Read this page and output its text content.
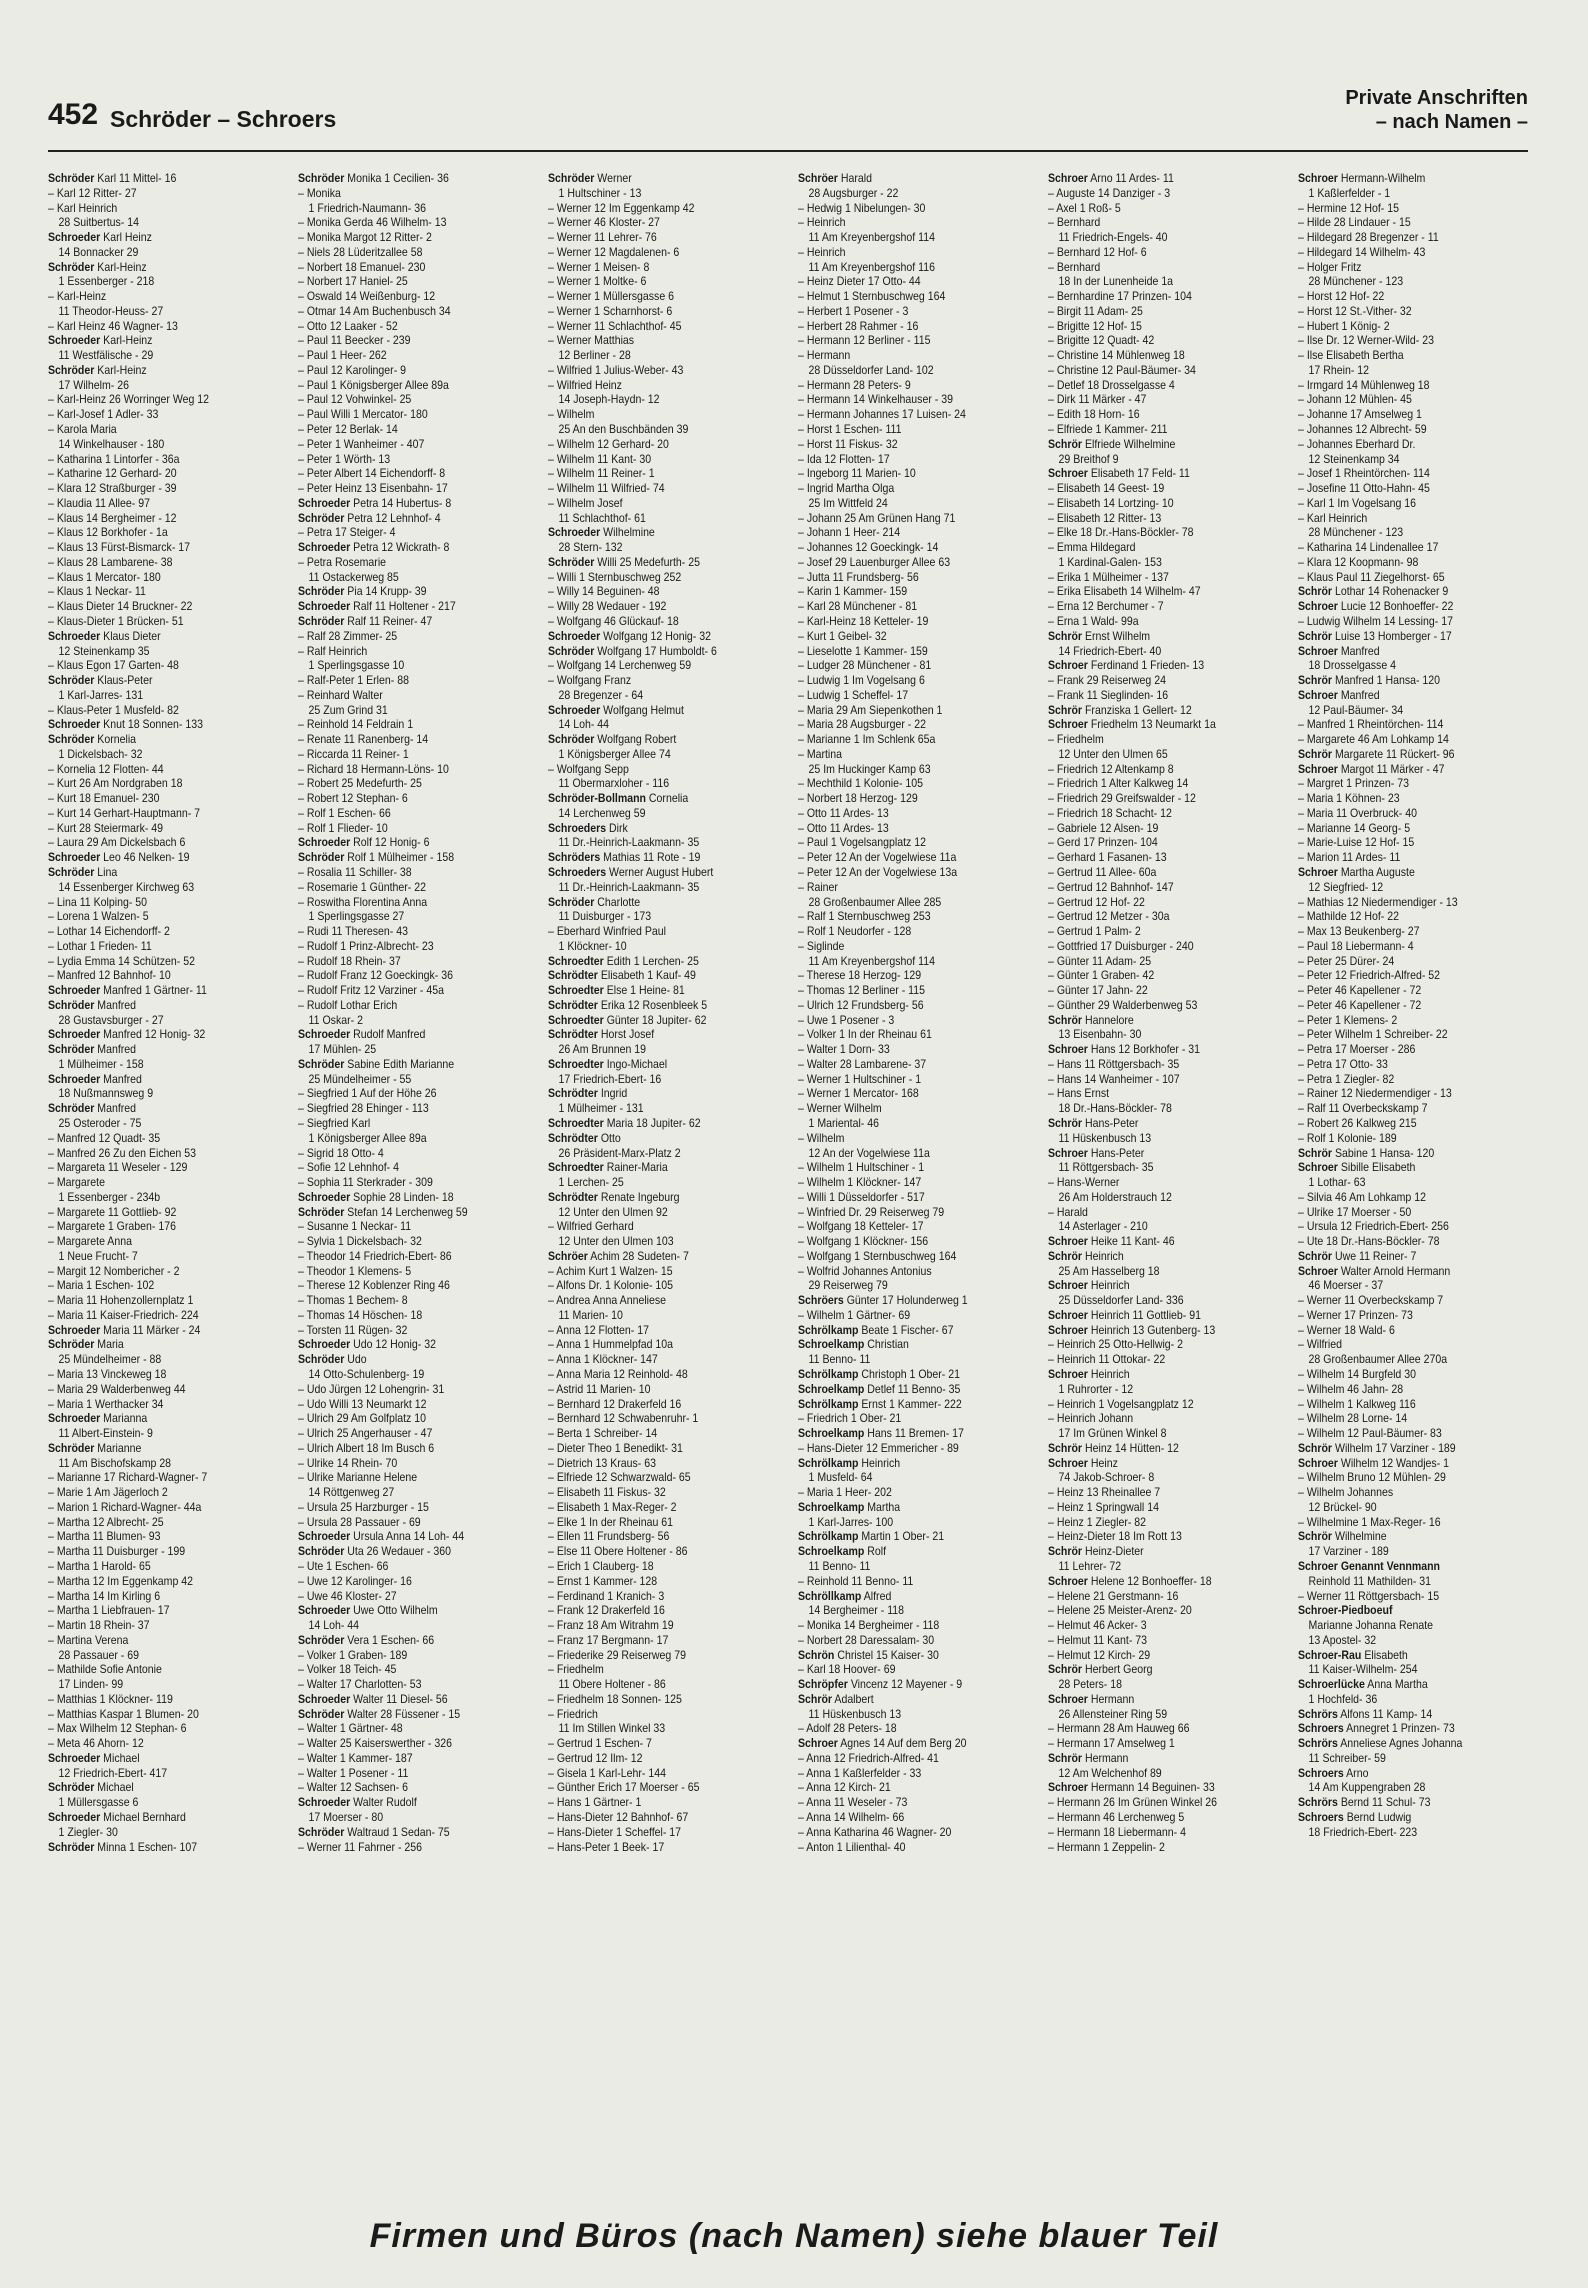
452 Schröder – Schroers
Private Anschriften
– nach Namen –
Schröder Karl 11 Mittel- 16
– Karl 12 Ritter- 27
– Karl Heinrich
28 Suitbertus- 14
Schroeder Karl Heinz
14 Bonnacker 29
Schröder Karl-Heinz
1 Essenberger - 218
– Karl-Heinz
11 Theodor-Heuss- 27
– Karl Heinz 46 Wagner- 13
Schroeder Karl-Heinz
11 Westfälische - 29
Schröder Karl-Heinz
17 Wilhelm- 26
– Karl-Heinz 26 Worringer Weg 12
– Karl-Josef 1 Adler- 33
– Karola Maria
14 Winkelhauser - 180
– Katharina 1 Lintorfer - 36a
– Katharine 12 Gerhard- 20
– Klara 12 Straßburger - 39
– Klaudia 11 Allee- 97
– Klaus 14 Bergheimer - 12
– Klaus 12 Borkhofer - 1a
– Klaus 13 Fürst-Bismarck- 17
– Klaus 28 Lambarene- 38
– Klaus 1 Mercator- 180
– Klaus 1 Neckar- 11
– Klaus Dieter 14 Bruckner- 22
– Klaus-Dieter 1 Brücken- 51
Schroeder Klaus Dieter
12 Steinenkamp 35
– Klaus Egon 17 Garten- 48
Schröder Klaus-Peter
1 Karl-Jarres- 131
– Klaus-Peter 1 Musfeld- 82
Schroeder Knut 18 Sonnen- 133
Schröder Kornelia
1 Dickelsbach- 32
– Kornelia 12 Flotten- 44
– Kurt 26 Am Nordgraben 18
– Kurt 18 Emanuel- 230
– Kurt 14 Gerhart-Hauptmann- 7
– Kurt 28 Steiermark- 49
– Laura 29 Am Dickelsbach 6
Schroeder Leo 46 Nelken- 19
Schröder Lina
14 Essenberger Kirchweg 63
– Lina 11 Kolping- 50
– Lorena 1 Walzen- 5
– Lothar 14 Eichendorff- 2
– Lothar 1 Frieden- 11
– Lydia Emma 14 Schützen- 52
– Manfred 12 Bahnhof- 10
Schroeder Manfred 1 Gärtner- 11
Schröder Manfred
28 Gustavsburger - 27
Schroeder Manfred 12 Honig- 32
Schröder Manfred
1 Mülheimer - 158
Schroeder Manfred
18 Nußmannsweg 9
Schröder Manfred
25 Osteroder - 75
– Manfred 12 Quadt- 35
– Manfred 26 Zu den Eichen 53
– Margareta 11 Weseler - 129
– Margarete
1 Essenberger - 234b
– Margarete 11 Gottlieb- 92
– Margarete 1 Graben- 176
– Margarete Anna
1 Neue Frucht- 7
– Margit 12 Nombericher - 2
– Maria 1 Eschen- 102
– Maria 11 Hohenzollernplatz 1
– Maria 11 Kaiser-Friedrich- 224
Schroeder Maria 11 Märker - 24
Schröder Maria
25 Mündelheimer - 88
– Maria 13 Vinckeweg 18
– Maria 29 Walderbenweg 44
– Maria 1 Werthacker 34
Schroeder Marianna
11 Albert-Einstein- 9
Schröder Marianne
11 Am Bischofskamp 28
– Marianne 17 Richard-Wagner- 7
– Marie 1 Am Jägerloch 2
– Marion 1 Richard-Wagner- 44a
– Martha 12 Albrecht- 25
– Martha 11 Blumen- 93
– Martha 11 Duisburger - 199
– Martha 1 Harold- 65
– Martha 12 Im Eggenkamp 42
– Martha 14 Im Kirling 6
– Martha 1 Liebfrauen- 17
– Martin 18 Rhein- 37
– Martina Verena
28 Passauer - 69
– Mathilde Sofie Antonie
17 Linden- 99
– Matthias 1 Klöckner- 119
– Matthias Kaspar 1 Blumen- 20
– Max Wilhelm 12 Stephan- 6
– Meta 46 Ahorn- 12
Schroeder Michael
12 Friedrich-Ebert- 417
Schröder Michael
1 Müllersgasse 6
Schroeder Michael Bernhard
1 Ziegler- 30
Schröder Minna 1 Eschen- 107
Schröder Monika 1 Cecilien- 36
– Monika
1 Friedrich-Naumann- 36
– Monika Gerda 46 Wilhelm- 13
– Monika Margot 12 Ritter- 2
– Niels 28 Lüderitzallee 58
– Norbert 18 Emanuel- 230
– Norbert 17 Haniel- 25
– Oswald 14 Weißenburg- 12
– Otmar 14 Am Buchenbusch 34
– Otto 12 Laaker - 52
– Paul 11 Beecker - 239
– Paul 1 Heer- 262
– Paul 12 Karolinger- 9
– Paul 1 Königsberger Allee 89a
– Paul 12 Vohwinkel- 25
– Paul Willi 1 Mercator- 180
– Peter 12 Berlak- 14
– Peter 1 Wanheimer - 407
– Peter 1 Wörth- 13
– Peter Albert 14 Eichendorff- 8
– Peter Heinz 13 Eisenbahn- 17
Schroeder Petra 14 Hubertus- 8
Schröder Petra 12 Lehnhof- 4
– Petra 17 Steiger- 4
Schroeder Petra 12 Wickrath- 8
– Petra Rosemarie
11 Ostackerweg 85
Schröder Pia 14 Krupp- 39
Schroeder Ralf 11 Holtener - 217
Schröder Ralf 11 Reiner- 47
– Ralf 28 Zimmer- 25
– Ralf Heinrich
1 Sperlingsgasse 10
– Ralf-Peter 1 Erlen- 88
– Reinhard Walter
25 Zum Grind 31
– Reinhold 14 Feldrain 1
– Renate 11 Ranenberg- 14
– Riccarda 11 Reiner- 1
– Richard 18 Hermann-Löns- 10
– Robert 25 Medefurth- 25
– Robert 12 Stephan- 6
– Rolf 1 Eschen- 66
– Rolf 1 Flieder- 10
Schroeder Rolf 12 Honig- 6
Schröder Rolf 1 Mülheimer - 158
– Rosalia 11 Schiller- 38
– Rosemarie 1 Günther- 22
– Roswitha Florentina Anna
1 Sperlingsgasse 27
– Rudi 11 Theresen- 43
– Rudolf 1 Prinz-Albrecht- 23
– Rudolf 18 Rhein- 37
– Rudolf Franz 12 Goeckingk- 36
– Rudolf Fritz 12 Varziner - 45a
– Rudolf Lothar Erich
11 Oskar- 2
Schroeder Rudolf Manfred
17 Mühlen- 25
Schröder Sabine Edith Marianne
25 Mündelheimer - 55
– Siegfried 1 Auf der Höhe 26
– Siegfried 28 Ehinger - 113
– Siegfried Karl
1 Königsberger Allee 89a
– Sigrid 18 Otto- 4
– Sofie 12 Lehnhof- 4
– Sophia 11 Sterkrader - 309
Schroeder Sophie 28 Linden- 18
Schröder Stefan 14 Lerchenweg 59
– Susanne 1 Neckar- 11
– Sylvia 1 Dickelsbach- 32
– Theodor 14 Friedrich-Ebert- 86
– Theodor 1 Klemens- 5
– Therese 12 Koblenzer Ring 46
– Thomas 1 Bechem- 8
– Thomas 14 Höschen- 18
– Torsten 11 Rügen- 32
Schroeder Udo 12 Honig- 32
Schröder Udo
14 Otto-Schulenberg- 19
– Udo Jürgen 12 Lohengrin- 31
– Udo Willi 13 Neumarkt 12
– Ulrich 29 Am Golfplatz 10
– Ulrich 25 Angerhauser - 47
– Ulrich Albert 18 Im Busch 6
– Ulrike 14 Rhein- 70
– Ulrike Marianne Helene
14 Röttgenweg 27
– Ursula 25 Harzburger - 15
– Ursula 28 Passauer - 69
Schroeder Ursula Anna 14 Loh- 44
Schröder Uta 26 Wedauer - 360
– Ute 1 Eschen- 66
– Uwe 12 Karolinger- 16
– Uwe 46 Kloster- 27
Schroeder Uwe Otto Wilhelm
14 Loh- 44
Schröder Vera 1 Eschen- 66
– Volker 1 Graben- 189
– Volker 18 Teich- 45
– Walter 17 Charlotten- 53
Schroeder Walter 11 Diesel- 56
Schröder Walter 28 Füssener - 15
– Walter 1 Gärtner- 48
– Walter 25 Kaiserswerther - 326
– Walter 1 Kammer- 187
– Walter 1 Posener - 11
– Walter 12 Sachsen- 6
Schroeder Walter Rudolf
17 Moerser - 80
Schröder Waltraud 1 Sedan- 75
– Werner 11 Fahrner - 256
Schröder Werner
1 Hultschiner - 13
– Werner 12 Im Eggenkamp 42
– Werner 46 Kloster- 27
– Werner 11 Lehrer- 76
– Werner 12 Magdalenen- 6
– Werner 1 Meisen- 8
– Werner 1 Moltke- 6
– Werner 1 Müllersgasse 6
– Werner 1 Scharnhorst- 6
– Werner 11 Schlachthof- 45
– Werner Matthias
12 Berliner - 28
– Wilfried 1 Julius-Weber- 43
– Wilfried Heinz
14 Joseph-Haydn- 12
– Wilhelm
25 An den Buschbänden 39
– Wilhelm 12 Gerhard- 20
– Wilhelm 11 Kant- 30
– Wilhelm 11 Reiner- 1
– Wilhelm 11 Wilfried- 74
– Wilhelm Josef
11 Schlachthof- 61
Schroeder Wilhelmine
28 Stern- 132
Schröder Willi 25 Medefurth- 25
– Willi 1 Sternbuschweg 252
– Willy 14 Beguinen- 48
– Willy 28 Wedauer - 192
– Wolfgang 46 Glückauf- 18
Schroeder Wolfgang 12 Honig- 32
Schröder Wolfgang 17 Humboldt- 6
– Wolfgang 14 Lerchenweg 59
– Wolfgang Franz
28 Bregenzer - 64
Schroeder Wolfgang Helmut
14 Loh- 44
Schröder Wolfgang Robert
1 Königsberger Allee 74
– Wolfgang Sepp
11 Obermarxloher - 116
Schröder-Bollmann Cornelia
14 Lerchenweg 59
Schroeders Dirk
11 Dr.-Heinrich-Laakmann- 35
Schröders Mathias 11 Rote - 19
Schroeders Werner August Hubert
11 Dr.-Heinrich-Laakmann- 35
Schröder Charlotte
11 Duisburger - 173
– Eberhard Winfried Paul
1 Klöckner- 10
Schroedter Edith 1 Lerchen- 25
Schrödter Elisabeth 1 Kauf- 49
Schroedter Else 1 Heine- 81
Schrödter Erika 12 Rosenbleek 5
Schroedter Günter 18 Jupiter- 62
Schrödter Horst Josef
26 Am Brunnen 19
Schroedter Ingo-Michael
17 Friedrich-Ebert- 16
Schrödter Ingrid
1 Mülheimer - 131
Schroedter Maria 18 Jupiter- 62
Schrödter Otto
26 Präsident-Marx-Platz 2
Schroedter Rainer-Maria
1 Lerchen- 25
Schrödter Renate Ingeburg
12 Unter den Ulmen 92
– Wilfried Gerhard
12 Unter den Ulmen 103
Schröer Achim 28 Sudeten- 7
– Achim Kurt 1 Walzen- 15
– Alfons Dr. 1 Kolonie- 105
– Andrea Anna Anneliese
11 Marien- 10
– Anna 12 Flotten- 17
– Anna 1 Hummelpfad 10a
– Anna 1 Klöckner- 147
– Anna Maria 12 Reinhold- 48
– Astrid 11 Marien- 10
– Bernhard 12 Drakerfeld 16
– Bernhard 12 Schwabenruhr- 1
– Berta 1 Schreiber- 14
– Dieter Theo 1 Benedikt- 31
– Dietrich 13 Kraus- 63
– Elfriede 12 Schwarzwald- 65
– Elisabeth 11 Fiskus- 32
– Elisabeth 1 Max-Reger- 2
– Elke 1 In der Rheinau 61
– Ellen 11 Frundsberg- 56
– Else 11 Obere Holtener - 86
– Erich 1 Clauberg- 18
– Ernst 1 Kammer- 128
– Ferdinand 1 Kranich- 3
– Frank 12 Drakerfeld 16
– Franz 18 Am Witrahm 19
– Franz 17 Bergmann- 17
– Friederike 29 Reiserweg 79
– Friedhelm
11 Obere Holtener - 86
– Friedhelm 18 Sonnen- 125
– Friedrich
11 Im Stillen Winkel 33
– Gertrud 1 Eschen- 7
– Gertrud 12 Ilm- 12
– Gisela 1 Karl-Lehr- 144
– Günther Erich 17 Moerser - 65
– Hans 1 Gärtner- 1
– Hans-Dieter 12 Bahnhof- 67
– Hans-Dieter 1 Scheffel- 17
– Hans-Peter 1 Beek- 17
Schröer Harald
28 Augsburger - 22
– Hedwig 1 Nibelungen- 30
– Heinrich
11 Am Kreyenbergshof 114
– Heinrich
11 Am Kreyenbergshof 116
– Heinz Dieter 17 Otto- 44
– Helmut 1 Sternbuschweg 164
– Herbert 1 Posener - 3
– Herbert 28 Rahmer - 16
– Hermann 12 Berliner - 115
– Hermann
28 Düsseldorfer Land- 102
– Hermann 28 Peters- 9
– Hermann 14 Winkelhauser - 39
– Hermann Johannes 17 Luisen- 24
– Horst 1 Eschen- 111
– Horst 11 Fiskus- 32
– Ida 12 Flotten- 17
– Ingeborg 11 Marien- 10
– Ingrid Martha Olga
25 Im Wittfeld 24
– Johann 25 Am Grünen Hang 71
– Johann 1 Heer- 214
– Johannes 12 Goeckingk- 14
– Josef 29 Lauenburger Allee 63
– Jutta 11 Frundsberg- 56
– Karin 1 Kammer- 159
– Karl 28 Münchener - 81
– Karl-Heinz 18 Ketteler- 19
– Kurt 1 Geibel- 32
– Lieselotte 1 Kammer- 159
– Ludger 28 Münchener - 81
– Ludwig 1 Im Vogelsang 6
– Ludwig 1 Scheffel- 17
– Maria 29 Am Siepenkothen 1
– Maria 28 Augsburger - 22
– Marianne 1 Im Schlenk 65a
– Martina
25 Im Huckinger Kamp 63
– Mechthild 1 Kolonie- 105
– Norbert 18 Herzog- 129
– Otto 11 Ardes- 13
– Otto 11 Ardes- 13
– Paul 1 Vogelsangplatz 12
– Peter 12 An der Vogelwiese 11a
– Peter 12 An der Vogelwiese 13a
– Rainer
28 Großenbaumer Allee 285
– Ralf 1 Sternbuschweg 253
– Rolf 1 Neudorfer - 128
– Siglinde
11 Am Kreyenbergshof 114
– Therese 18 Herzog- 129
– Thomas 12 Berliner - 115
– Ulrich 12 Frundsberg- 56
– Uwe 1 Posener - 3
– Volker 1 In der Rheinau 61
– Walter 1 Dorn- 33
– Walter 28 Lambarene- 37
– Werner 1 Hultschiner - 1
– Werner 1 Mercator- 168
– Werner Wilhelm
1 Mariental- 46
– Wilhelm
12 An der Vogelwiese 11a
– Wilhelm 1 Hultschiner - 1
– Wilhelm 1 Klöckner- 147
– Willi 1 Düsseldorfer - 517
– Winfried Dr. 29 Reiserweg 79
– Wolfgang 18 Ketteler- 17
– Wolfgang 1 Klöckner- 156
– Wolfgang 1 Sternbuschweg 164
– Wolfrid Johannes Antonius
29 Reiserweg 79
Schröers Günter 17 Holunderweg 1
– Wilhelm 1 Gärtner- 69
Schrölkamp Beate 1 Fischer- 67
Schroelkamp Christian
11 Benno- 11
Schrölkamp Christoph 1 Ober- 21
Schroelkamp Detlef 11 Benno- 35
Schrölkamp Ernst 1 Kammer- 222
– Friedrich 1 Ober- 21
Schroelkamp Hans 11 Bremen- 17
– Hans-Dieter 12 Emmericher - 89
Schrölkamp Heinrich
1 Musfeld- 64
– Maria 1 Heer- 202
Schroelkamp Martha
1 Karl-Jarres- 100
Schrölkamp Martin 1 Ober- 21
Schroelkamp Rolf
11 Benno- 11
– Reinhold 11 Benno- 11
Schröllkamp Alfred
14 Bergheimer - 118
– Monika 14 Bergheimer - 118
– Norbert 28 Daressalam- 30
Schrön Christel 15 Kaiser- 30
– Karl 18 Hoover- 69
Schröpfer Vincenz 12 Mayener - 9
Schrör Adalbert
11 Hüskenbusch 13
– Adolf 28 Peters- 18
Schroer Agnes 14 Auf dem Berg 20
– Anna 12 Friedrich-Alfred- 41
– Anna 1 Kaßlerfelder - 33
– Anna 12 Kirch- 21
– Anna 11 Weseler - 73
– Anna 14 Wilhelm- 66
– Anna Katharina 46 Wagner- 20
– Anton 1 Lilienthal- 40
Schroer Arno 11 Ardes- 11
– Auguste 14 Danziger - 3
– Axel 1 Roß- 5
– Bernhard
11 Friedrich-Engels- 40
– Bernhard 12 Hof- 6
– Bernhard
18 In der Lunenheide 1a
– Bernhardine 17 Prinzen- 104
– Birgit 11 Adam- 25
– Brigitte 12 Hof- 15
– Brigitte 12 Quadt- 42
– Christine 14 Mühlenweg 18
– Christine 12 Paul-Bäumer- 34
– Detlef 18 Drosselgasse 4
– Dirk 11 Märker - 47
– Edith 18 Horn- 16
– Elfriede 1 Kammer- 211
Schrör Elfriede Wilhelmine
29 Breithof 9
Schroer Elisabeth 17 Feld- 11
– Elisabeth 14 Geest- 19
– Elisabeth 14 Lortzing- 10
– Elisabeth 12 Ritter- 13
– Elke 18 Dr.-Hans-Böckler- 78
– Emma Hildegard
1 Kardinal-Galen- 153
– Erika 1 Mülheimer - 137
– Erika Elisabeth 14 Wilhelm- 47
– Erna 12 Berchumer - 7
– Erna 1 Wald- 99a
Schrör Ernst Wilhelm
14 Friedrich-Ebert- 40
Schroer Ferdinand 1 Frieden- 13
– Frank 29 Reiserweg 24
– Frank 11 Sieglinden- 16
Schrör Franziska 1 Gellert- 12
Schroer Friedhelm 13 Neumarkt 1a
– Friedhelm
12 Unter den Ulmen 65
– Friedrich 12 Altenkamp 8
– Friedrich 1 Alter Kalkweg 14
– Friedrich 29 Greifswalder - 12
– Friedrich 18 Schacht- 12
– Gabriele 12 Alsen- 19
– Gerd 17 Prinzen- 104
– Gerhard 1 Fasanen- 13
– Gertrud 11 Allee- 60a
– Gertrud 12 Bahnhof- 147
– Gertrud 12 Hof- 22
– Gertrud 12 Metzer - 30a
– Gertrud 1 Palm- 2
– Gottfried 17 Duisburger - 240
– Günter 11 Adam- 25
– Günter 1 Graben- 42
– Günter 17 Jahn- 22
– Günther 29 Walderbenweg 53
Schrör Hannelore
13 Eisenbahn- 30
Schroer Hans 12 Borkhofer - 31
– Hans 11 Röttgersbach- 35
– Hans 14 Wanheimer - 107
– Hans Ernst
18 Dr.-Hans-Böckler- 78
Schrör Hans-Peter
11 Hüskenbusch 13
Schroer Hans-Peter
11 Röttgersbach- 35
– Hans-Werner
26 Am Holderstrauch 12
– Harald
14 Asterlager - 210
Schroer Heike 11 Kant- 46
Schrör Heinrich
25 Am Hasselberg 18
Schroer Heinrich
25 Düsseldorfer Land- 336
Schroer Heinrich 11 Gottlieb- 91
Schroer Heinrich 13 Gutenberg- 13
– Heinrich 25 Otto-Hellwig- 2
– Heinrich 11 Ottokar- 22
Schroer Heinrich
1 Ruhrorter - 12
– Heinrich 1 Vogelsangplatz 12
– Heinrich Johann
17 Im Grünen Winkel 8
Schrör Heinz 14 Hütten- 12
Schroer Heinz
74 Jakob-Schroer- 8
– Heinz 13 Rheinallee 7
– Heinz 1 Springwall 14
– Heinz 1 Ziegler- 82
– Heinz-Dieter 18 Im Rott 13
Schrör Heinz-Dieter
11 Lehrer- 72
Schroer Helene 12 Bonhoeffer- 18
– Helene 21 Gerstmann- 16
– Helene 25 Meister-Arenz- 20
– Helmut 46 Acker- 3
– Helmut 11 Kant- 73
– Helmut 12 Kirch- 29
Schrör Herbert Georg
28 Peters- 18
Schroer Hermann
26 Allensteiner Ring 59
– Hermann 28 Am Hauweg 66
– Hermann 17 Amselweg 1
Schrör Hermann
12 Am Welchenhof 89
Schroer Hermann 14 Beguinen- 33
– Hermann 26 Im Grünen Winkel 26
– Hermann 46 Lerchenweg 5
– Hermann 18 Liebermann- 4
– Hermann 1 Zeppelin- 2
Schroer Hermann-Wilhelm
1 Kaßlerfelder - 1
– Hermine 12 Hof- 15
– Hilde 28 Lindauer - 15
– Hildegard 28 Bregenzer - 11
– Hildegard 14 Wilhelm- 43
– Holger Fritz
28 Münchener - 123
– Horst 12 Hof- 22
– Horst 12 St.-Vither- 32
– Hubert 1 König- 2
– Ilse Dr. 12 Werner-Wild- 23
– Ilse Elisabeth Bertha
17 Rhein- 12
– Irmgard 14 Mühlenweg 18
– Johann 12 Mühlen- 45
– Johanne 17 Amselweg 1
– Johannes 12 Albrecht- 59
– Johannes Eberhard Dr.
12 Steinenkamp 34
– Josef 1 Rheintörchen- 114
– Josefine 11 Otto-Hahn- 45
– Karl 1 Im Vogelsang 16
– Karl Heinrich
28 Münchener - 123
– Katharina 14 Lindenallee 17
– Klara 12 Koopmann- 98
– Klaus Paul 11 Ziegelhorst- 65
Schrör Lothar 14 Rohenacker 9
Schroer Lucie 12 Bonhoeffer- 22
– Ludwig Wilhelm 14 Lessing- 17
Schrör Luise 13 Homberger - 17
Schroer Manfred
18 Drosselgasse 4
Schrör Manfred 1 Hansa- 120
Schroer Manfred
12 Paul-Bäumer- 34
– Manfred 1 Rheintörchen- 114
– Margarete 46 Am Lohkamp 14
Schrör Margarete 11 Rückert- 96
Schroer Margot 11 Märker - 47
– Margret 1 Prinzen- 73
– Maria 1 Köhnen- 23
– Maria 11 Overbruck- 40
– Marianne 14 Georg- 5
– Marie-Luise 12 Hof- 15
– Marion 11 Ardes- 11
Schroer Martha Auguste
12 Siegfried- 12
– Mathias 12 Niedermendiger - 13
– Mathilde 12 Hof- 22
– Max 13 Beukenberg- 27
– Paul 18 Liebermann- 4
– Peter 25 Dürer- 24
– Peter 12 Friedrich-Alfred- 52
– Peter 46 Kapellener - 72
– Peter 46 Kapellener - 72
– Peter 1 Klemens- 2
– Peter Wilhelm 1 Schreiber- 22
– Petra 17 Moerser - 286
– Petra 17 Otto- 33
– Petra 1 Ziegler- 82
– Rainer 12 Niedermendiger - 13
– Ralf 11 Overbeckskamp 7
– Robert 26 Kalkweg 215
– Rolf 1 Kolonie- 189
Schrör Sabine 1 Hansa- 120
Schroer Sibille Elisabeth
1 Lothar- 63
– Silvia 46 Am Lohkamp 12
– Ulrike 17 Moerser - 50
– Ursula 12 Friedrich-Ebert- 256
– Ute 18 Dr.-Hans-Böckler- 78
Schrör Uwe 11 Reiner- 7
Schroer Walter Arnold Hermann
46 Moerser - 37
– Werner 11 Overbeckskamp 7
– Werner 17 Prinzen- 73
– Werner 18 Wald- 6
– Wilfried
28 Großenbaumer Allee 270a
– Wilhelm 14 Burgfeld 30
– Wilhelm 46 Jahn- 28
– Wilhelm 1 Kalkweg 116
– Wilhelm 28 Lorne- 14
– Wilhelm 12 Paul-Bäumer- 83
Schrör Wilhelm 17 Varziner - 189
Schroer Wilhelm 12 Wandjes- 1
– Wilhelm Bruno 12 Mühlen- 29
– Wilhelm Johannes
12 Brückel- 90
– Wilhelmine 1 Max-Reger- 16
Schrör Wilhelmine
17 Varziner - 189
Schroer Genannt Vennmann
Reinhold 11 Mathilden- 31
– Werner 11 Röttgersbach- 15
Schroer-Piedboeuf
Marianne Johanna Renate
13 Apostel- 32
Schroer-Rau Elisabeth
11 Kaiser-Wilhelm- 254
Schroerlücke Anna Martha
1 Hochfeld- 36
Schrörs Alfons 11 Kamp- 14
Schroers Annegret 1 Prinzen- 73
Schrörs Anneliese Agnes Johanna
11 Schreiber- 59
Schroers Arno
14 Am Kuppengraben 28
Schrörs Bernd 11 Schul- 73
Schroers Bernd Ludwig
18 Friedrich-Ebert- 223
Firmen und Büros (nach Namen) siehe blauer Teil
